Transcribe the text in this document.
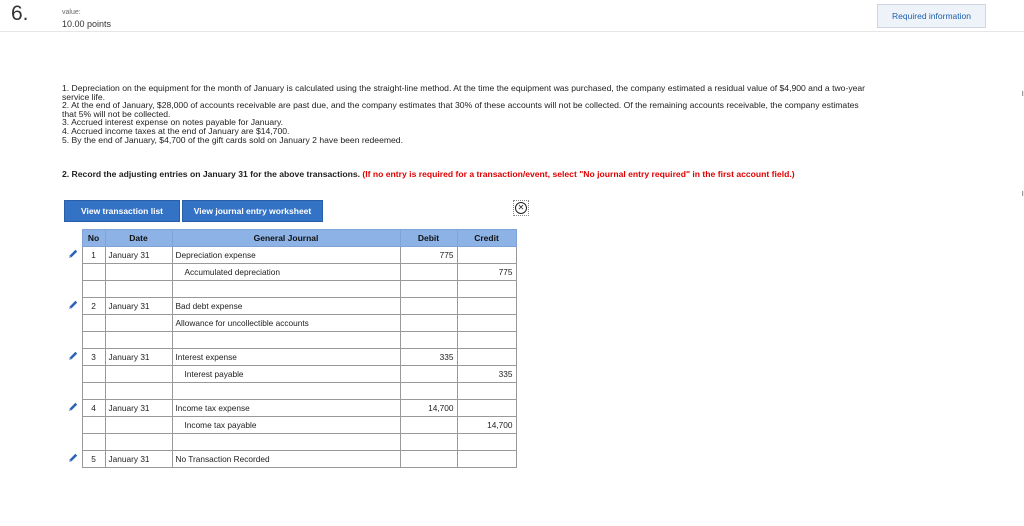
6.	value:
10.00 points
Required information
1. Depreciation on the equipment for the month of January is calculated using the straight-line method. At the time the equipment was purchased, the company estimated a residual value of $4,900 and a two-year
service life.
2. At the end of January, $28,000 of accounts receivable are past due, and the company estimates that 30% of these accounts will not be collected. Of the remaining accounts receivable, the company estimates
that 5% will not be collected.
3. Accrued interest expense on notes payable for January.
4. Accrued income taxes at the end of January are $14,700.
5. By the end of January, $4,700 of the gift cards sold on January 2 have been redeemed.
2. Record the adjusting entries on January 31 for the above transactions. (If no entry is required for a transaction/event, select "No journal entry required" in the first account field.)
View transaction list	View journal entry worksheet	✕
ı
ı
	No	Date	General Journal	Debit	Credit
	1	January 31	Depreciation expense	775	
			Accumulated depreciation		775

	2	January 31	Bad debt expense		
			Allowance for uncollectible accounts		

	3	January 31	Interest expense	335	
			Interest payable		335

	4	January 31	Income tax expense	14,700	
			Income tax payable		14,700

	5	January 31	No Transaction Recorded		
